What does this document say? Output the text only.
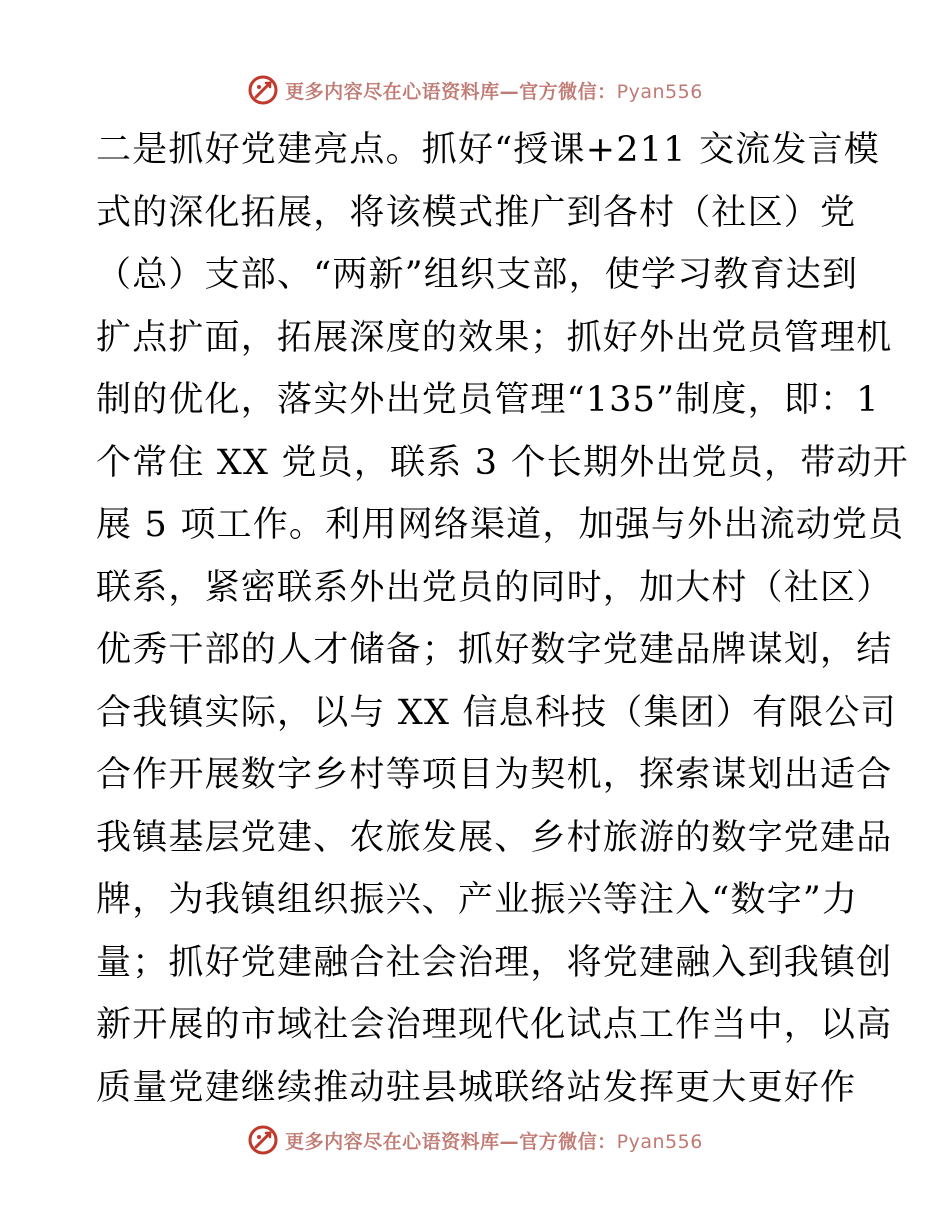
更多内容尽在心语资料库—官方微信：Pyan556
二是抓好党建亮点。抓好“授课+211 交流发言模
式的深化拓展，将该模式推广到各村（社区）党
（总）支部、“两新”组织支部，使学习教育达到
扩点扩面，拓展深度的效果；抓好外出党员管理机
制的优化，落实外出党员管理“135”制度，即：1
个常住 XX 党员，联系 3 个长期外出党员，带动开
展 5 项工作。利用网络渠道，加强与外出流动党员
联系，紧密联系外出党员的同时，加大村（社区）
优秀干部的人才储备；抓好数字党建品牌谋划，结
合我镇实际，以与 XX 信息科技（集团）有限公司
合作开展数字乡村等项目为契机，探索谋划出适合
我镇基层党建、农旅发展、乡村旅游的数字党建品
牌，为我镇组织振兴、产业振兴等注入“数字”力
量；抓好党建融合社会治理，将党建融入到我镇创
新开展的市域社会治理现代化试点工作当中，以高
质量党建继续推动驻县城联络站发挥更大更好作
更多内容尽在心语资料库—官方微信：Pyan556
